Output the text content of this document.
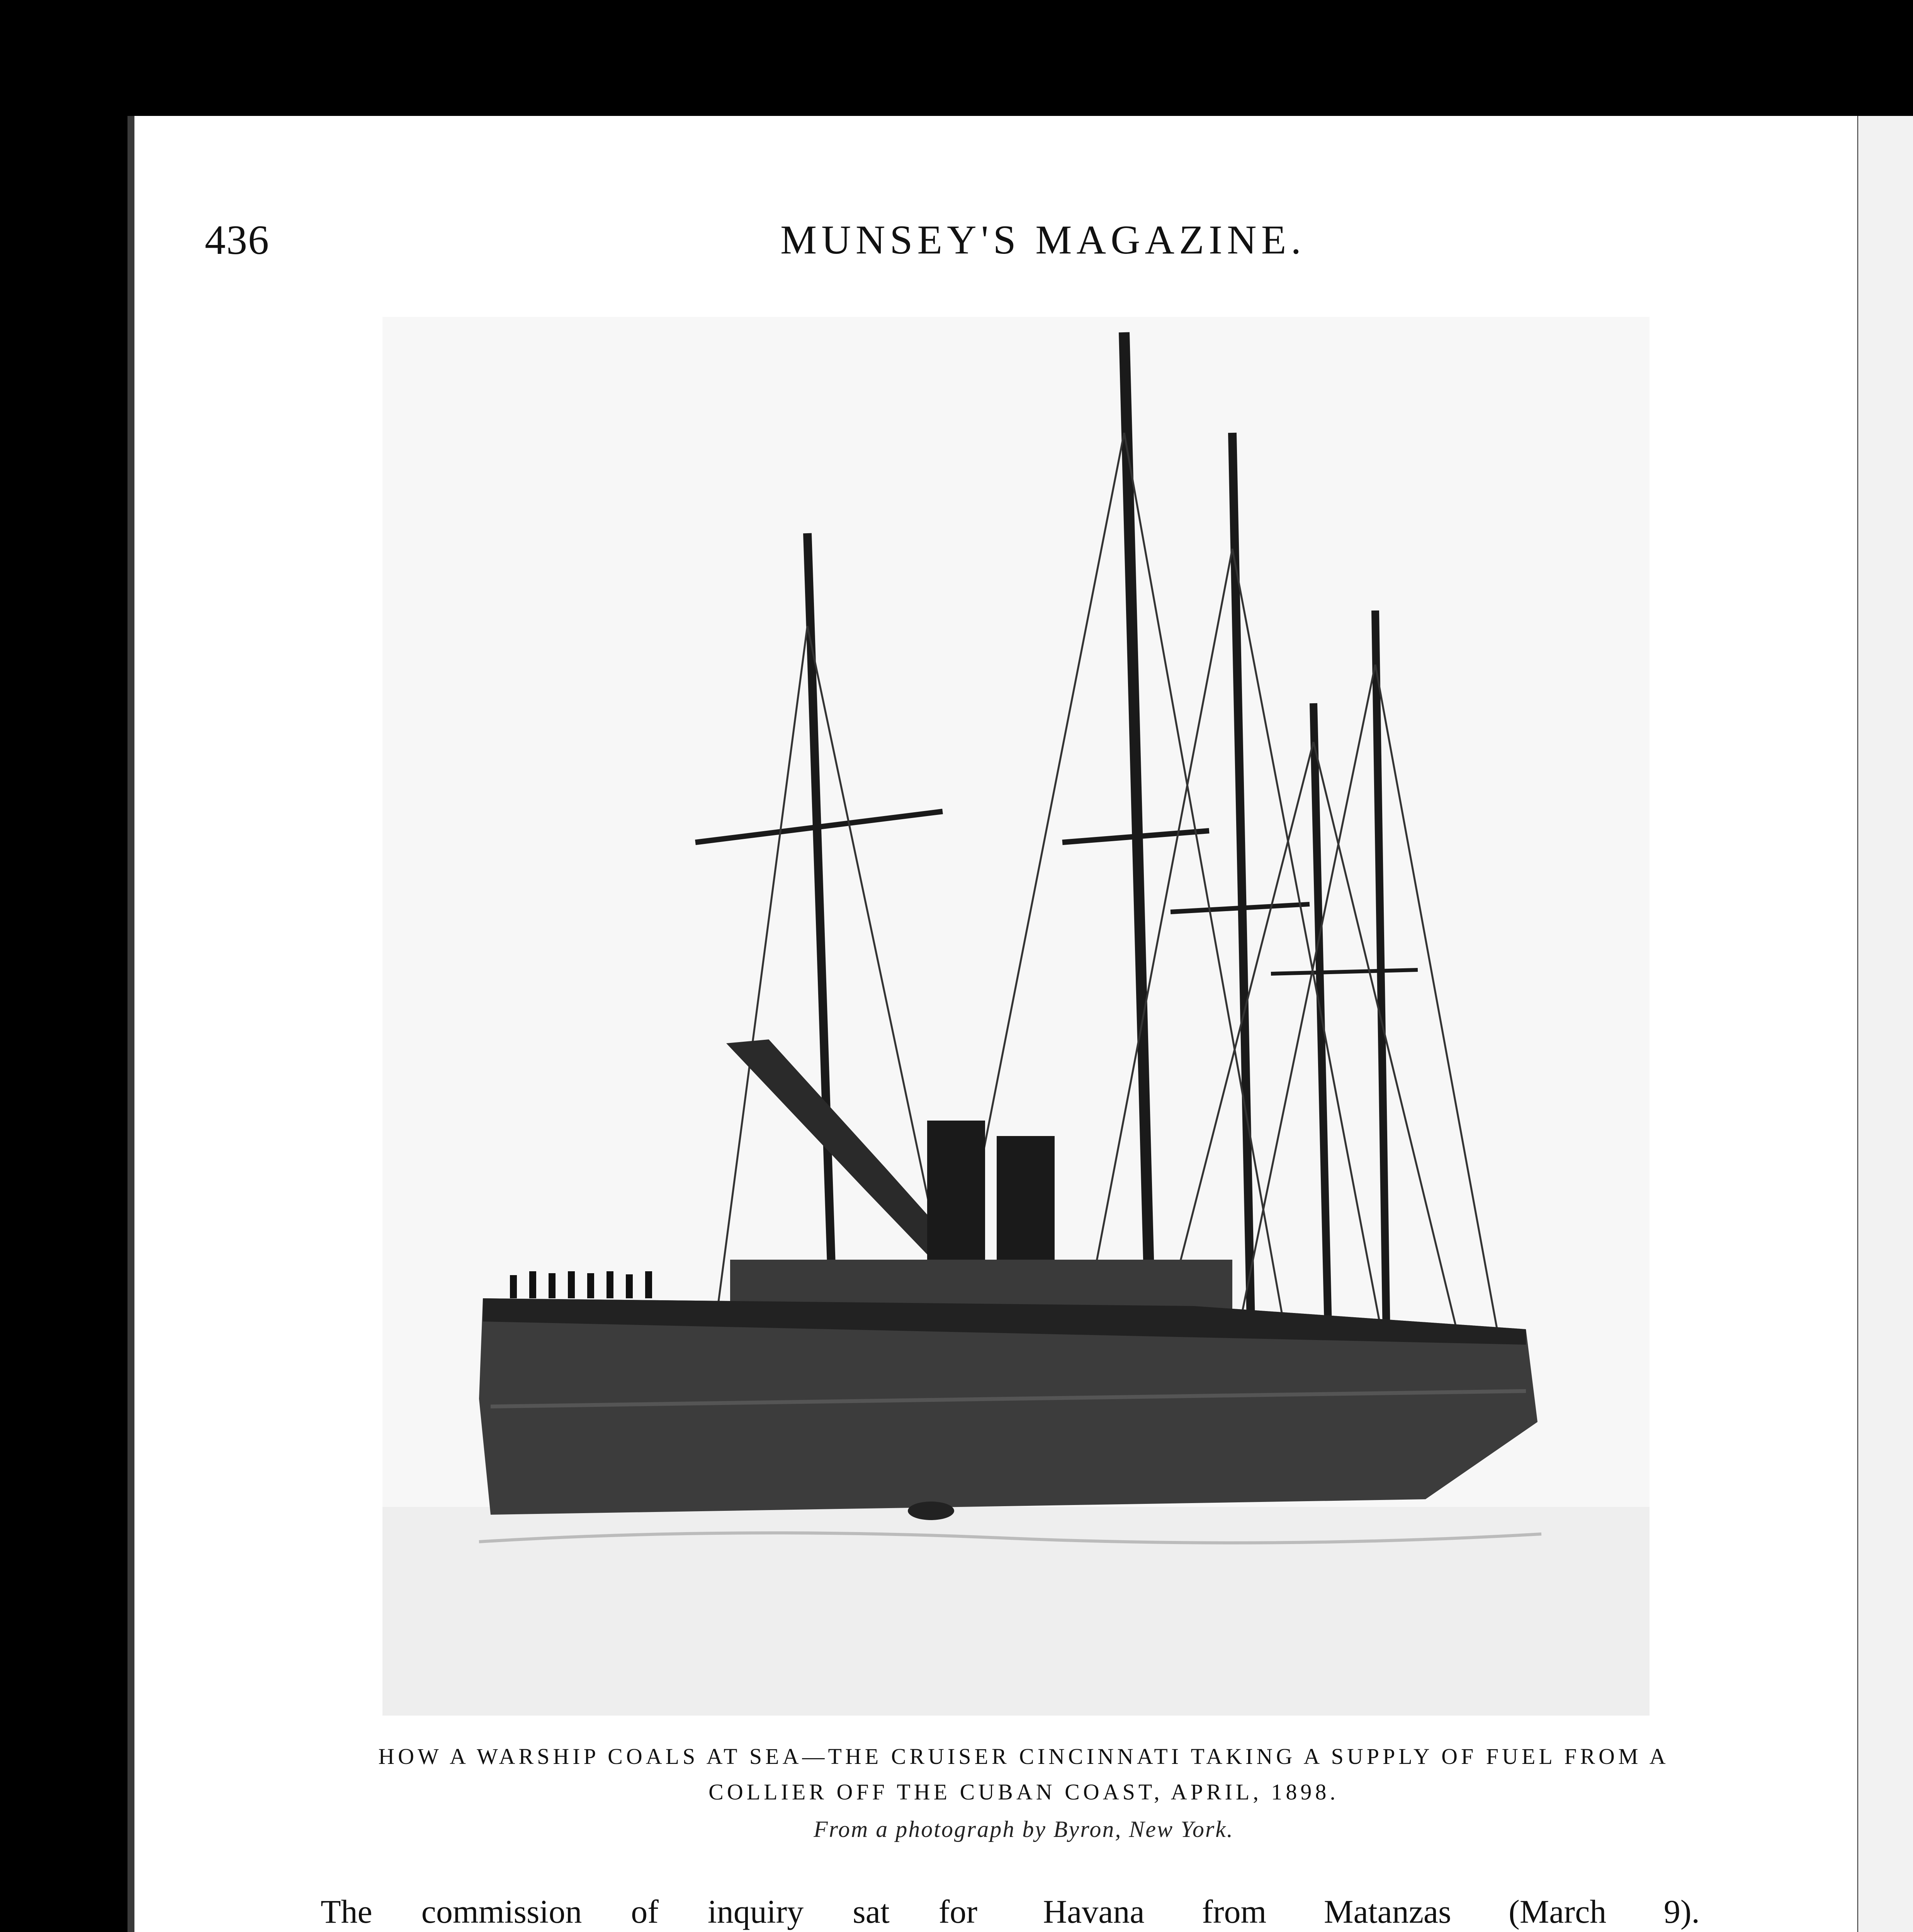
436	MUNSEY'S MAGAZINE.
HOW A WARSHIP COALS AT SEA—THE CRUISER CINCINNATI TAKING A SUPPLY OF FUEL FROM A
COLLIER OFF THE CUBAN COAST, APRIL, 1898.
From a photograph by Byron, New York.
The commission of inquiry sat for Havana from Matanzas (March 9).
